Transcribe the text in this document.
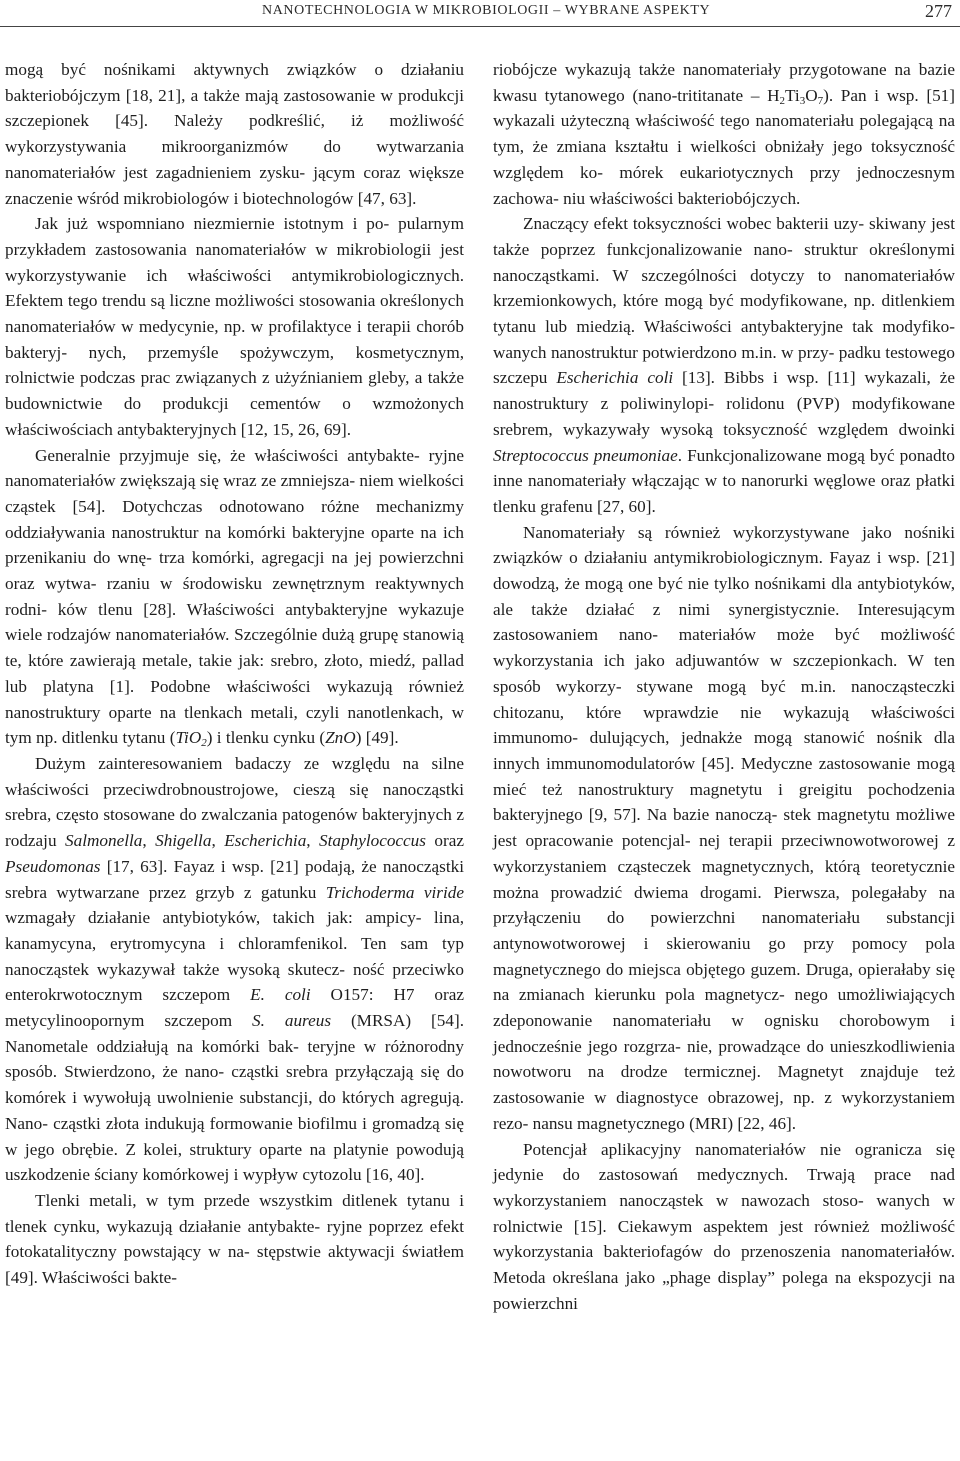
NANOTECHNOLOGIA W MIKROBIOLOGII – WYBRANE ASPEKTY	277

mogą być nośnikami aktywnych związków o działaniu bakteriobójczym [18, 21], a także mają zastosowanie w produkcji szczepionek [45]. Należy podkreślić, iż możliwość wykorzystywania mikroorganizmów do wytwarzania nanomateriałów jest zagadnieniem zysku- jącym coraz większe znaczenie wśród mikrobiologów i biotechnologów [47, 63].

Jak już wspomniano niezmiernie istotnym i po- pularnym przykładem zastosowania nanomateriałów w mikrobiologii jest wykorzystywanie ich właściwości antymikrobiologicznych. Efektem tego trendu są liczne możliwości stosowania określonych nanomateriałów w medycynie, np. w profilaktyce i terapii chorób bakteryj- nych, przemyśle spożywczym, kosmetycznym, rolnictwie podczas prac związanych z użyźnianiem gleby, a także budownictwie do produkcji cementów o wzmożonych właściwościach antybakteryjnych [12, 15, 26, 69].

Generalnie przyjmuje się, że właściwości antybakte- ryjne nanomateriałów zwiększają się wraz ze zmniejsza- niem wielkości cząstek [54]. Dotychczas odnotowano różne mechanizmy oddziaływania nanostruktur na komórki bakteryjne oparte na ich przenikaniu do wnę- trza komórki, agregacji na jej powierzchni oraz wytwa- rzaniu w środowisku zewnętrznym reaktywnych rodni- ków tlenu [28]. Właściwości antybakteryjne wykazuje wiele rodzajów nanomateriałów. Szczególnie dużą grupę stanowią te, które zawierają metale, takie jak: srebro, złoto, miedź, pallad lub platyna [1]. Podobne właściwości wykazują również nanostruktury oparte na tlenkach metali, czyli nanotlenkach, w tym np. ditlenku tytanu (TiO$_2$) i tlenku cynku (ZnO) [49].

Dużym zainteresowaniem badaczy ze względu na silne właściwości przeciwdrobnoustrojowe, cieszą się nanocząstki srebra, często stosowane do zwalczania patogenów bakteryjnych z rodzaju Salmonella, Shigella, Escherichia, Staphylococcus oraz Pseudomonas [17, 63]. Fayaz i wsp. [21] podają, że nanocząstki srebra wytwarzane przez grzyb z gatunku Trichoderma viride wzmagały działanie antybiotyków, takich jak: ampicy- lina, kanamycyna, erytromycyna i chloramfenikol. Ten sam typ nanocząstek wykazywał także wysoką skutecz- ność przeciwko enterokrwotocznym szczepom E. coli O157: H7 oraz metycylinoopornym szczepom S. aureus (MRSA) [54]. Nanometale oddziałują na komórki bak- teryjne w różnorodny sposób. Stwierdzono, że nano- cząstki srebra przyłączają się do komórek i wywołują uwolnienie substancji, do których agregują. Nano- cząstki złota indukują formowanie biofilmu i gromadzą się w jego obrębie. Z kolei, struktury oparte na platynie powodują uszkodzenie ściany komórkowej i wypływ cytozolu [16, 40].

Tlenki metali, w tym przede wszystkim ditlenek tytanu i tlenek cynku, wykazują działanie antybakte- ryjne poprzez efekt fotokatalityczny powstający w na- stępstwie aktywacji światłem [49]. Właściwości bakte-

riobójcze wykazują także nanomateriały przygotowane na bazie kwasu tytanowego (nano-trititanate – $H_2Ti_3O_7$). Pan i wsp. [51] wykazali użyteczną właściwość tego nanomateriału polegającą na tym, że zmiana kształtu i wielkości obniżały jego toksyczność względem ko- mórek eukariotycznych przy jednoczesnym zachowa- niu właściwości bakteriobójczych.

Znaczący efekt toksyczności wobec bakterii uzy- skiwany jest także poprzez funkcjonalizowanie nano- struktur określonymi nanocząstkami. W szczególności dotyczy to nanomateriałów krzemionkowych, które mogą być modyfikowane, np. ditlenkiem tytanu lub miedzią. Właściwości antybakteryjne tak modyfiko- wanych nanostruktur potwierdzono m.in. w przy- padku testowego szczepu Escherichia coli [13]. Bibbs i wsp. [11] wykazali, że nanostruktury z poliwinylopi- rolidonu (PVP) modyfikowane srebrem, wykazywały wysoką toksyczność względem dwoinki Streptococcus pneumoniae. Funkcjonalizowane mogą być ponadto inne nanomateriały włączając w to nanorurki węglowe oraz płatki tlenku grafenu [27, 60].

Nanomateriały są również wykorzystywane jako nośniki związków o działaniu antymikrobiologicznym. Fayaz i wsp. [21] dowodzą, że mogą one być nie tylko nośnikami dla antybiotyków, ale także działać z nimi synergistycznie. Interesującym zastosowaniem nano- materiałów może być możliwość wykorzystania ich jako adjuwantów w szczepionkach. W ten sposób wykorzy- stywane mogą być m.in. nanocząsteczki chitozanu, które wprawdzie nie wykazują właściwości immunomo- dulujących, jednakże mogą stanowić nośnik dla innych immunomodulatorów [45]. Medyczne zastosowanie mogą mieć też nanostruktury magnetytu i greigitu pochodzenia bakteryjnego [9, 57]. Na bazie nanoczą- stek magnetytu możliwe jest opracowanie potencjal- nej terapii przeciwnowotworowej z wykorzystaniem cząsteczek magnetycznych, którą teoretycznie można prowadzić dwiema drogami. Pierwsza, polegałaby na przyłączeniu do powierzchni nanomateriału substancji antynowotworowej i skierowaniu go przy pomocy pola magnetycznego do miejsca objętego guzem. Druga, opierałaby się na zmianach kierunku pola magnetycz- nego umożliwiających zdeponowanie nanomateriału w ognisku chorobowym i jednocześnie jego rozgrza- nie, prowadzące do unieszkodliwienia nowotworu na drodze termicznej. Magnetyt znajduje też zastosowanie w diagnostyce obrazowej, np. z wykorzystaniem rezo- nansu magnetycznego (MRI) [22, 46].

Potencjał aplikacyjny nanomateriałów nie ogranicza się jedynie do zastosowań medycznych. Trwają prace nad wykorzystaniem nanocząstek w nawozach stoso- wanych w rolnictwie [15]. Ciekawym aspektem jest również możliwość wykorzystania bakteriofagów do przenoszenia nanomateriałów. Metoda określana jako „phage display” polega na ekspozycji na powierzchni
